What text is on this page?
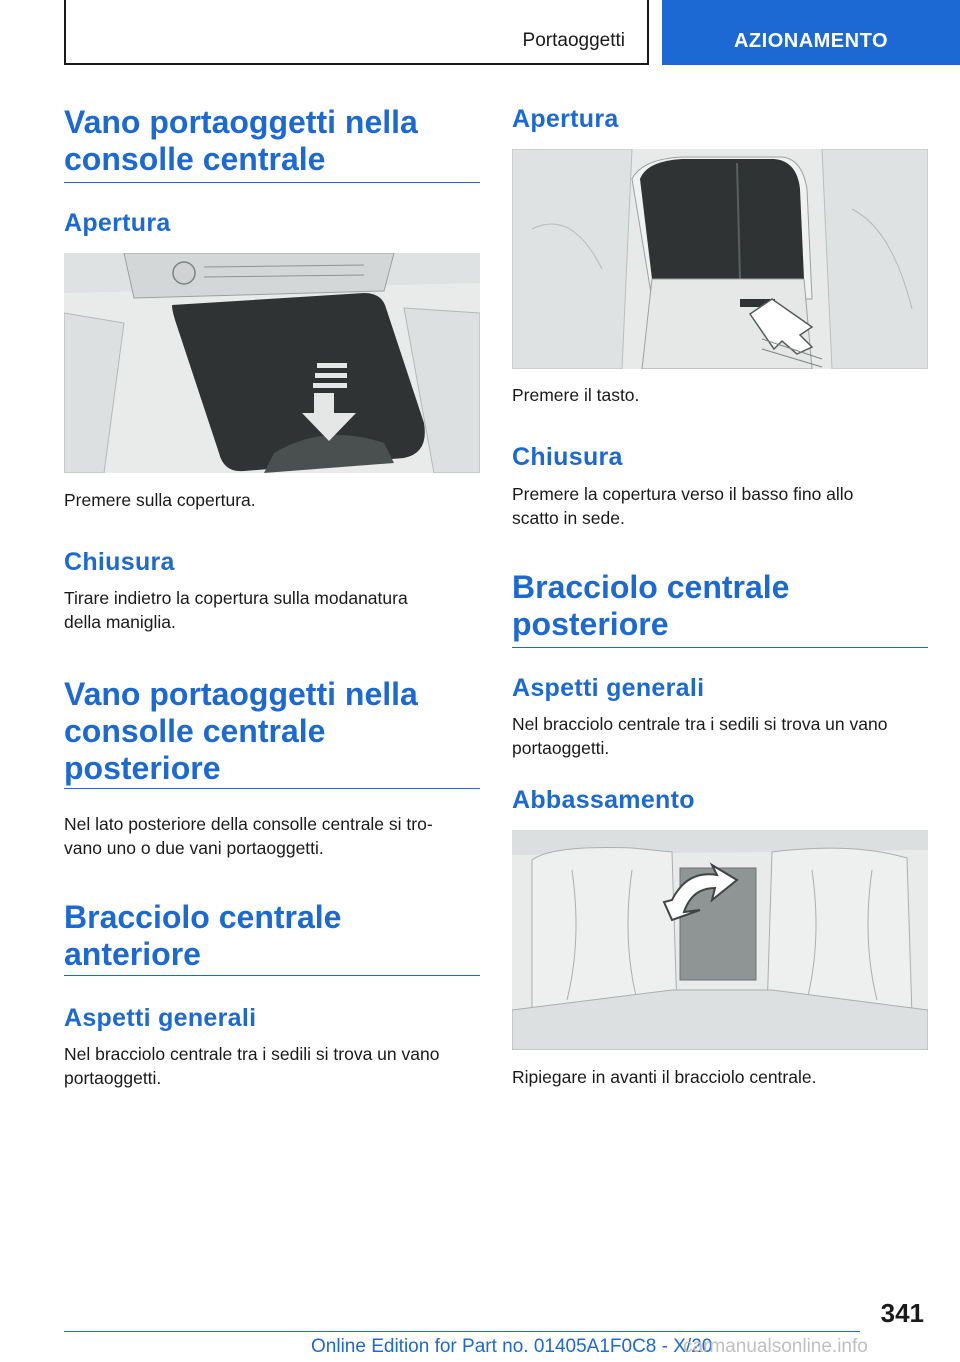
Portaoggetti	AZIONAMENTO
Vano portaoggetti nella
consolle centrale
Apertura
Premere sulla copertura.
Chiusura
Tirare indietro la copertura sulla modanatura
della maniglia.
Vano portaoggetti nella
consolle centrale
posteriore
Nel lato posteriore della consolle centrale si tro-
vano uno o due vani portaoggetti.
Bracciolo centrale
anteriore
Aspetti generali
Nel bracciolo centrale tra i sedili si trova un vano
portaoggetti.
Apertura
Premere il tasto.
Chiusura
Premere la copertura verso il basso fino allo
scatto in sede.
Bracciolo centrale
posteriore
Aspetti generali
Nel bracciolo centrale tra i sedili si trova un vano
portaoggetti.
Abbassamento
Ripiegare in avanti il bracciolo centrale.
341
Online Edition for Part no. 01405A1F0C8 - X/20
carmanualsonline.info
